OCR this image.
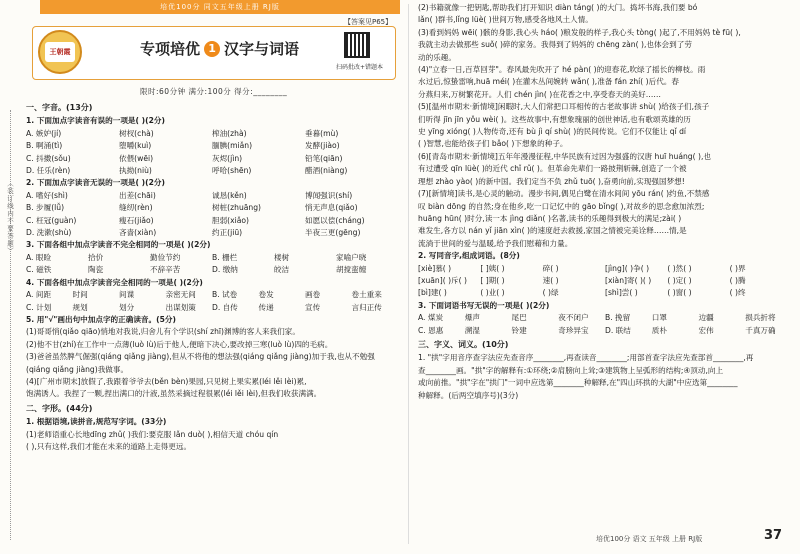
培优100分 同文五年级上册 RJ版
【答案见P65】
王朝霞	专项培优 1 汉字与词语
扫码批改+错题本
限时:60分钟 满分:100分 得分:________
（装订线内不要答题）
一、字音。(13分)
1. 下面加点字读音有误的一项是( )(2分)
A. 嫉妒(jí)	树杈(chà)	榨油(zhà)	垂暮(mù)
B. 啊涌(tì)	堕嚼(kuì)	腼腆(miǎn)	发酵(jiào)
C. 抖擞(sǒu)	依偎(wēi)	灰烬(jìn)	铅笔(qiān)
D. 任乐(rèn)	执拗(niù)	呼哈(shēn)	醋酒(niàng)
2. 下面加点字读音无误的一项是( )(2分)
A. 嗜好(shì)	出差(chāi)	诚恳(kěn)	博闻强识(shí)
B. 步履(lǚ)	缝纫(rèn)	树桩(zhuāng)	悄无声息(qiǎo)
C. 枉冠(guàn)	瘦石(jiǎo)	胆弱(xiǎo)	如愿以偿(cháng)
D. 洗漱(shù)	吝啬(xiàn)	约正(jiū)	半夜三更(gēng)
3. 下面各组中加点字读音不完全相同的一项是( )(2分)
A. 眼睑	拾价	勤俭节约	B. 栅栏	楼树	家喻户晓
C. 磁铁	陶瓷	不辞辛苦	D. 缴纳	皎洁	胡搅蛮缠
4. 下面各组中加点字读音完全相同的一项是( )(2分)
A. 间距	时间	间谍	亲密无间	B. 试卷	卷发	画卷	卷土重来
C. 计划	规划	划分	出谋划策	D. 自传	传递	宣传	言归正传
5. 用"√"画出句中加点字的正确读音。(5分)
(1)哥哥悄(qiǎo qiāo)悄地对我说,归舍儿有个学识(shí zhī)渊博的客人来我们家。
(2)他不甘(zhí)在工作中一点薄(luò lù)后于他人,便暗下决心,要改掉三寒(luò lù)四的毛病。
(3)爸爸虽然脾气倔强(qiáng qiǎng jiàng),但从不将他的想法强(qiáng qiǎng jiàng)加于我,也从不勉强(qiáng qiǎng jiàng)我做事。
(4)[广州市期末]放假了,我跟着爷爷去(běn bèn)果园,只见树上果实累(léi lěi lèi)累,
饱满诱人。我捏了一颗,捏出满口的汁液,虽然采摘过程很累(léi lěi lèi),但我们收获满满。
二、字形。(44分)
1. 根据语境,读拼音,规范写字词。(33分)
(1)老师语重心长地dīng zhǔ( )我们:要克服 lǎn duò( ),相信天道 chóu qín
( ),只有这样,我们才能在未来的道路上走得更远。
(2)书籍就像一把钥匙,帮助我们打开知识 diàn táng( )的大门。捣坏书海,我们要 bó
lǎn( )群书,lǐng lüè( )世间万物,感受各地风土人情。
(3)看到妈妈 wēi( )骸的身影,我心头 háo( )粮发般的样子,我心头 tòng( )起了,不用妈妈 tè fū( ),
我就主动去做那些 suǒ( )碎的家务。我得到了妈妈的 chēng zàn( ),也体会到了劳
动的乐趣。
(4)"立春一日,百草回芽"。春风最先吹开了 hé pàn( )的迎春花,吹绿了摇长的柳枝。雨
水过后,惊蛰雷响,huā méi( )在灌木丛间婉转 wǎn( ),准备 fán zhí( )后代。春
分燕归来,万树繁花开。人们 chén jìn( )在花香之中,享受春天的美好……
(5)[温州市期末·新情境]闲暇时,大人们常把口耳相传的古老故事讲 shù( )给孩子们,孩子
们听得 jīn jīn yǒu wèi( )。这些故事中,有想象瑰丽的创世神话,也有歌颂英雄的历
史 yīng xióng( )人物传奇,还有 bù jì qí shù( )的民间传说。它们不仅能让 qǐ dí
( )智慧,也能给孩子们 bǎo( )下想象的种子。
(6)[青岛市期末·新情境]五年年漫漫征程,中华民族有过因为强盛的汉唐 huī huáng( ),也
有过遭受 qīn lüè( )的近代 chǐ rǔ( )。但革命先辈们一路披荆斩棘,创造了一个被
理想 zhào yào( )的新中国。我们定当不负 zhǔ tuō( ),奋勇向前,实现强国梦想!
(7)[新情境]读书,是心灵的触动。漫步书间,偶见白鹭在清水间间 yōu rán( )约鱼,不禁感
叹 biàn dōng 的自然;身在他乡,吃一口记忆中的 gāo bǐng( ),对故乡的思念愈加浓烈;
huāng hūn( )时分,读一本 jìng diǎn( )名著,读书的乐趣得到极大的满足;zài( )
难发生,各方以 nán yǐ jiān xìn( )的速度赶去救援,家国之情被完美诠释……情,是
流淌于世间的爱与温暖,给予我们慰藉和力量。
2. 写同音字,组成词语。(8分)
[xiè]慕( )	[ ]姨( )	碎( )	[jìng]( )争( )	( )然( )	( )界
[xuān]( )斥( )	[ ]期( )	速( )	[xiàn]寄( )( )	( )定( )	( )腾
[bì]建( )	( )业( )	( )绿	[shì]尝( )	( )窗( )	( )终
3. 下面词语书写无误的一项是( )(2分)
A. 煤炭	爆声	尾巴	夜不闭户	B. 挽留	口罩	边疆	损兵折将
C. 恩惠	溯湿	铃建	奇珍异宝	D. 联结	质朴	宏伟	千真万确
三、字义、词义。(10分)
1. "拱"字用音序查字法应先查音序________,再查读音________;用部首查字法应先查部首________,再
查________画。"拱"字的解释有:①环绕;②肩膀向上耸;③建筑物上呈弧形的结构;④顶动,向上
或向前推。"拱"字在"拱门"一词中应选第________种解释,在"四山环拱的大湖"中应选第________
种解释。(后两空填序号)(3分)
培优100分 语文 五年级 上册 RJ版	37
